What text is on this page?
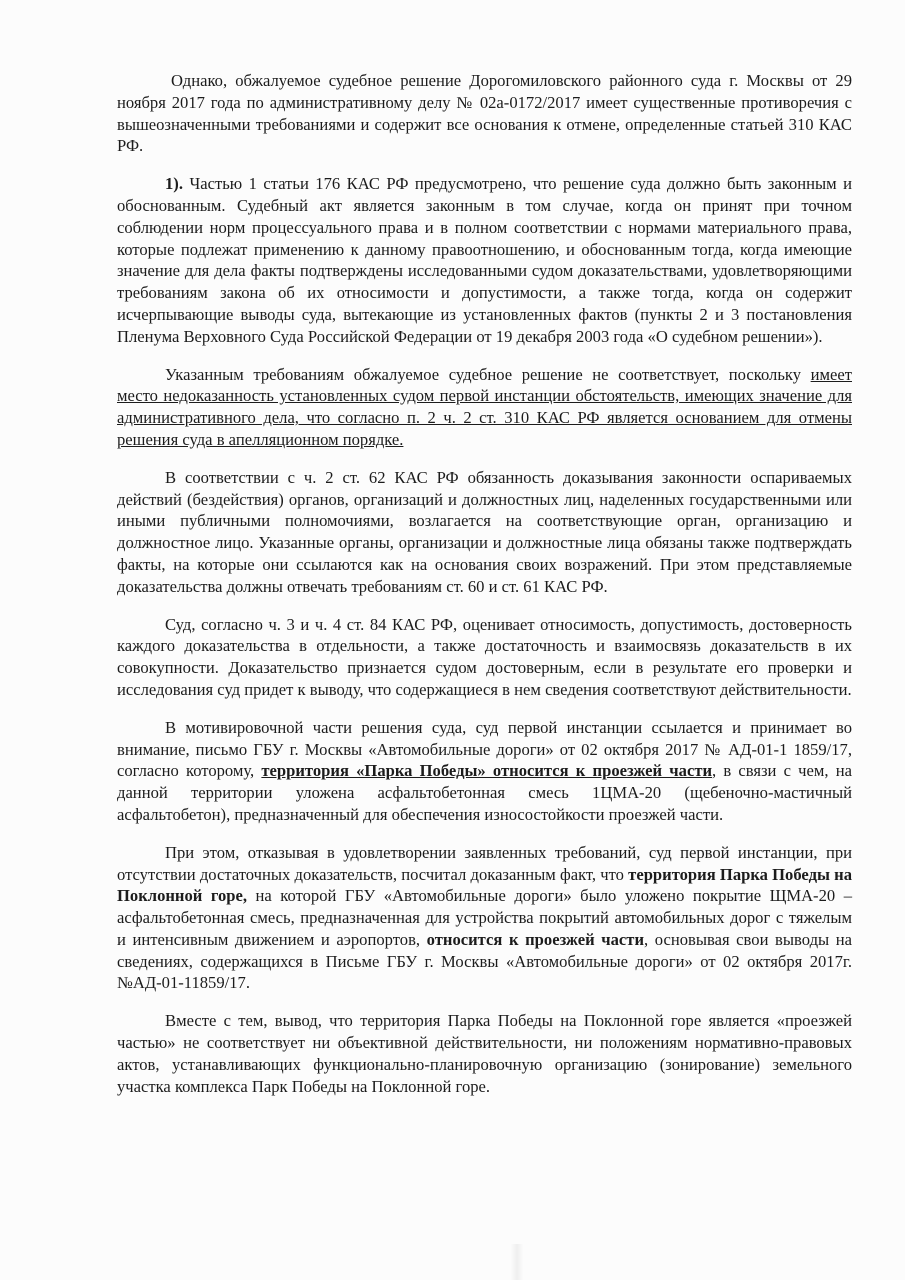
Однако, обжалуемое судебное решение Дорогомиловского районного суда г. Москвы от 29 ноября 2017 года по административному делу № 02а-0172/2017 имеет существенные противоречия с вышеозначенными требованиями и содержит все основания к отмене, определенные статьей 310 КАС РФ.

1). Частью 1 статьи 176 КАС РФ предусмотрено, что решение суда должно быть законным и обоснованным. Судебный акт является законным в том случае, когда он принят при точном соблюдении норм процессуального права и в полном соответствии с нормами материального права, которые подлежат применению к данному правоотношению, и обоснованным тогда, когда имеющие значение для дела факты подтверждены исследованными судом доказательствами, удовлетворяющими требованиям закона об их относимости и допустимости, а также тогда, когда он содержит исчерпывающие выводы суда, вытекающие из установленных фактов (пункты 2 и 3 постановления Пленума Верховного Суда Российской Федерации от 19 декабря 2003 года «О судебном решении»).

Указанным требованиям обжалуемое судебное решение не соответствует, поскольку имеет место недоказанность установленных судом первой инстанции обстоятельств, имеющих значение для административного дела, что согласно п. 2 ч. 2 ст. 310 КАС РФ является основанием для отмены решения суда в апелляционном порядке.

В соответствии с ч. 2 ст. 62 КАС РФ обязанность доказывания законности оспариваемых действий (бездействия) органов, организаций и должностных лиц, наделенных государственными или иными публичными полномочиями, возлагается на соответствующие орган, организацию и должностное лицо. Указанные органы, организации и должностные лица обязаны также подтверждать факты, на которые они ссылаются как на основания своих возражений. При этом представляемые доказательства должны отвечать требованиям ст. 60 и ст. 61 КАС РФ.

Суд, согласно ч. 3 и ч. 4 ст. 84 КАС РФ, оценивает относимость, допустимость, достоверность каждого доказательства в отдельности, а также достаточность и взаимосвязь доказательств в их совокупности. Доказательство признается судом достоверным, если в результате его проверки и исследования суд придет к выводу, что содержащиеся в нем сведения соответствуют действительности.

В мотивировочной части решения суда, суд первой инстанции ссылается и принимает во внимание, письмо ГБУ г. Москвы «Автомобильные дороги» от 02 октября 2017 № АД-01-1 1859/17, согласно которому, территория «Парка Победы» относится к проезжей части, в связи с чем, на данной территории уложена асфальтобетонная смесь 1ЦМА-20 (щебеночно-мастичный асфальтобетон), предназначенный для обеспечения износостойкости проезжей части.

При этом, отказывая в удовлетворении заявленных требований, суд первой инстанции, при отсутствии достаточных доказательств, посчитал доказанным факт, что территория Парка Победы на Поклонной горе, на которой ГБУ «Автомобильные дороги» было уложено покрытие ЩМА-20 – асфальтобетонная смесь, предназначенная для устройства покрытий автомобильных дорог с тяжелым и интенсивным движением и аэропортов, относится к проезжей части, основывая свои выводы на сведениях, содержащихся в Письме ГБУ г. Москвы «Автомобильные дороги» от 02 октября 2017г. №АД-01-11859/17.

Вместе с тем, вывод, что территория Парка Победы на Поклонной горе является «проезжей частью» не соответствует ни объективной действительности, ни положениям нормативно-правовых актов, устанавливающих функционально-планировочную организацию (зонирование) земельного участка комплекса Парк Победы на Поклонной горе.
